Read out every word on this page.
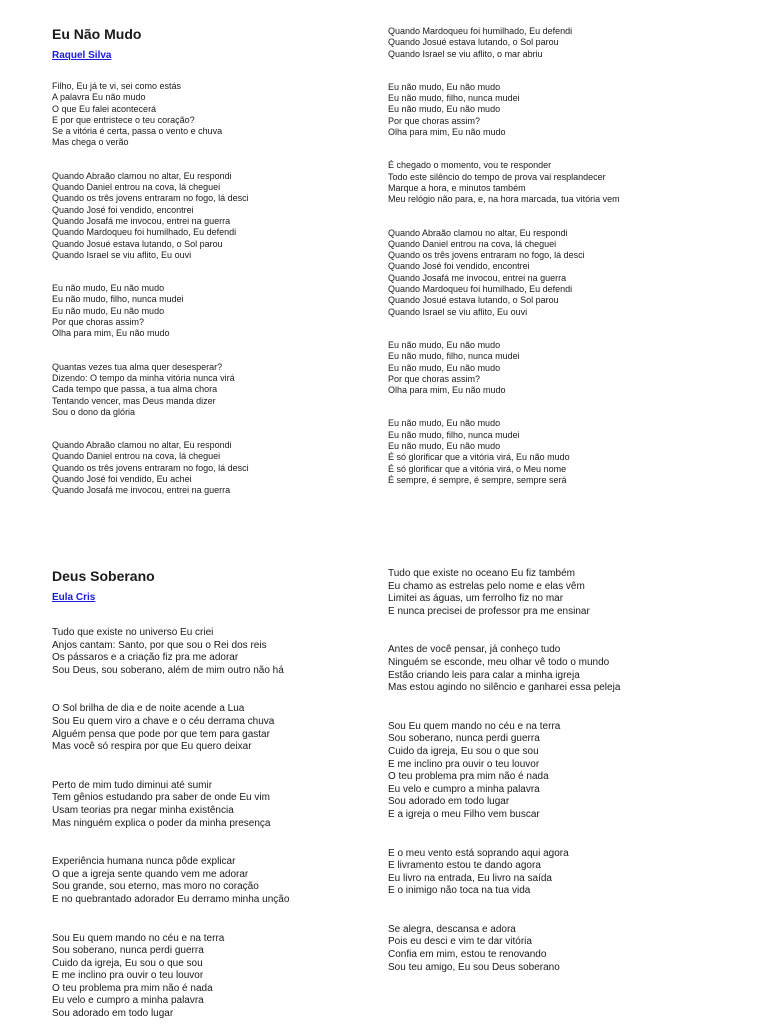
Eu Não Mudo
Raquel Silva
Filho, Eu já te vi, sei como estás
A palavra Eu não mudo
O que Eu falei acontecerá
E por que entristece o teu coração?
Se a vitória é certa, passa o vento e chuva
Mas chega o verão
Quando Abraão clamou no altar, Eu respondi
Quando Daniel entrou na cova, lá cheguei
Quando os três jovens entraram no fogo, lá desci
Quando José foi vendido, encontrei
Quando Josafá me invocou, entrei na guerra
Quando Mardoqueu foi humilhado, Eu defendi
Quando Josué estava lutando, o Sol parou
Quando Israel se viu aflito, Eu ouvi
Eu não mudo, Eu não mudo
Eu não mudo, filho, nunca mudei
Eu não mudo, Eu não mudo
Por que choras assim?
Olha para mim, Eu não mudo
Quantas vezes tua alma quer desesperar?
Dizendo: O tempo da minha vitória nunca virá
Cada tempo que passa, a tua alma chora
Tentando vencer, mas Deus manda dizer
Sou o dono da glória
Quando Abraão clamou no altar, Eu respondi
Quando Daniel entrou na cova, lá cheguei
Quando os três jovens entraram no fogo, lá desci
Quando José foi vendido, Eu achei
Quando Josafá me invocou, entrei na guerra
Quando Mardoqueu foi humilhado, Eu defendi
Quando Josué estava lutando, o Sol parou
Quando Israel se viu aflito, o mar abriu
Eu não mudo, Eu não mudo
Eu não mudo, filho, nunca mudei
Eu não mudo, Eu não mudo
Por que choras assim?
Olha para mim, Eu não mudo
É chegado o momento, vou te responder
Todo este silêncio do tempo de prova vai resplandecer
Marque a hora, e minutos também
Meu relógio não para, e, na hora marcada, tua vitória vem
Quando Abraão clamou no altar, Eu respondi
Quando Daniel entrou na cova, lá cheguei
Quando os três jovens entraram no fogo, lá desci
Quando José foi vendido, encontrei
Quando Josafá me invocou, entrei na guerra
Quando Mardoqueu foi humilhado, Eu defendi
Quando Josué estava lutando, o Sol parou
Quando Israel se viu aflito, Eu ouvi
Eu não mudo, Eu não mudo
Eu não mudo, filho, nunca mudei
Eu não mudo, Eu não mudo
Por que choras assim?
Olha para mim, Eu não mudo
Eu não mudo, Eu não mudo
Eu não mudo, filho, nunca mudei
Eu não mudo, Eu não mudo
É só glorificar que a vitória virá, Eu não mudo
É só glorificar que a vitória virá, o Meu nome
É sempre, é sempre, é sempre, sempre será
Deus Soberano
Eula Cris
Tudo que existe no universo Eu criei
Anjos cantam: Santo, por que sou o Rei dos reis
Os pássaros e a criação fiz pra me adorar
Sou Deus, sou soberano, além de mim outro não há
O Sol brilha de dia e de noite acende a Lua
Sou Eu quem viro a chave e o céu derrama chuva
Alguém pensa que pode por que tem para gastar
Mas você só respira por que Eu quero deixar
Perto de mim tudo diminui até sumir
Tem gênios estudando pra saber de onde Eu vim
Usam teorias pra negar minha existência
Mas ninguém explica o poder da minha presença
Experiência humana nunca pôde explicar
O que a igreja sente quando vem me adorar
Sou grande, sou eterno, mas moro no coração
E no quebrantado adorador Eu derramo minha unção
Sou Eu quem mando no céu e na terra
Sou soberano, nunca perdi guerra
Cuido da igreja, Eu sou o que sou
E me inclino pra ouvir o teu louvor
O teu problema pra mim não é nada
Eu velo e cumpro a minha palavra
Sou adorado em todo lugar
Tudo que existe no oceano Eu fiz também
Eu chamo as estrelas pelo nome e elas vêm
Limitei as águas, um ferrolho fiz no mar
E nunca precisei de professor pra me ensinar
Antes de você pensar, já conheço tudo
Ninguém se esconde, meu olhar vê todo o mundo
Estão criando leis para calar a minha igreja
Mas estou agindo no silêncio e ganharei essa peleja
Sou Eu quem mando no céu e na terra
Sou soberano, nunca perdi guerra
Cuido da igreja, Eu sou o que sou
E me inclino pra ouvir o teu louvor
O teu problema pra mim não é nada
Eu velo e cumpro a minha palavra
Sou adorado em todo lugar
E a igreja o meu Filho vem buscar
E o meu vento está soprando aqui agora
E livramento estou te dando agora
Eu livro na entrada, Eu livro na saída
E o inimigo não toca na tua vida
Se alegra, descansa e adora
Pois eu desci e vim te dar vitória
Confia em mim, estou te renovando
Sou teu amigo, Eu sou Deus soberano
